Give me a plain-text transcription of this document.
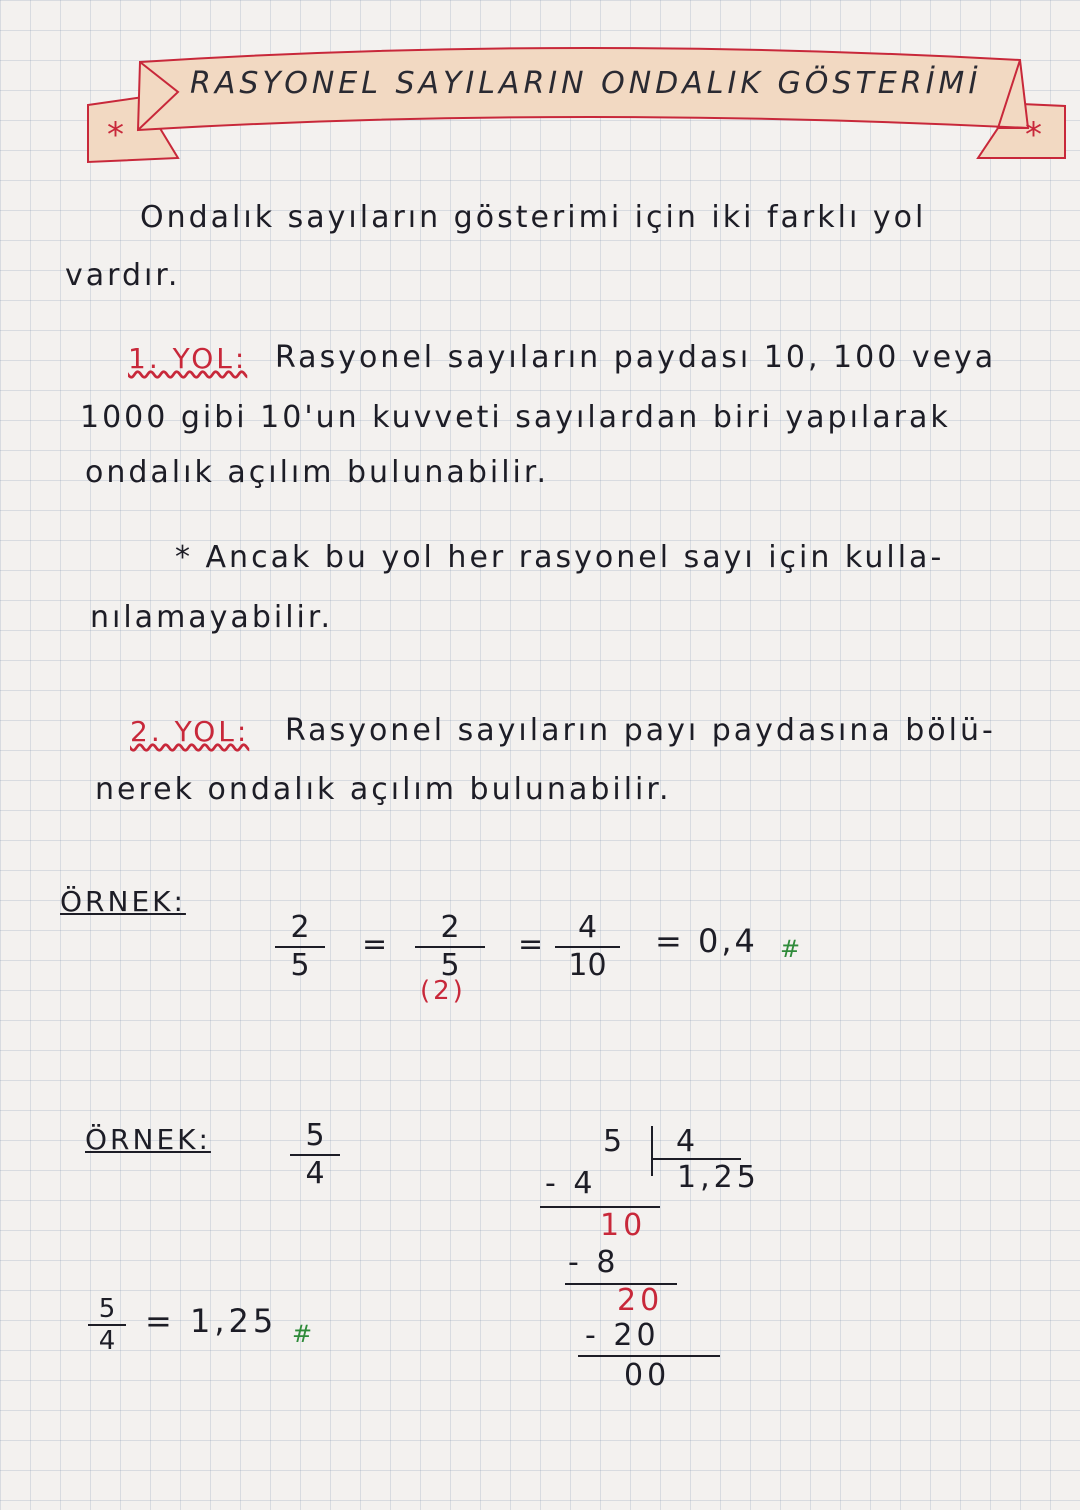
*	*
RASYONEL SAYILARIN ONDALIK GÖSTERİMİ
Ondalık sayıların gösterimi için iki farklı yol
vardır.
1. YOL: Rasyonel sayıların paydası 10, 100 veya
1000 gibi 10'un kuvveti sayılardan biri yapılarak
ondalık açılım bulunabilir.
* Ancak bu yol her rasyonel sayı için kulla-
nılamayabilir.
2. YOL: Rasyonel sayıların payı paydasına bölü-
nerek ondalık açılım bulunabilir.
ÖRNEK:
2
5
=	2
5
(2)
=	4
10
= 0,4 #
ÖRNEK:	5
4
5 4
1,25
- 4
10
- 8
20
- 20
00
5
4
= 1,25 #
